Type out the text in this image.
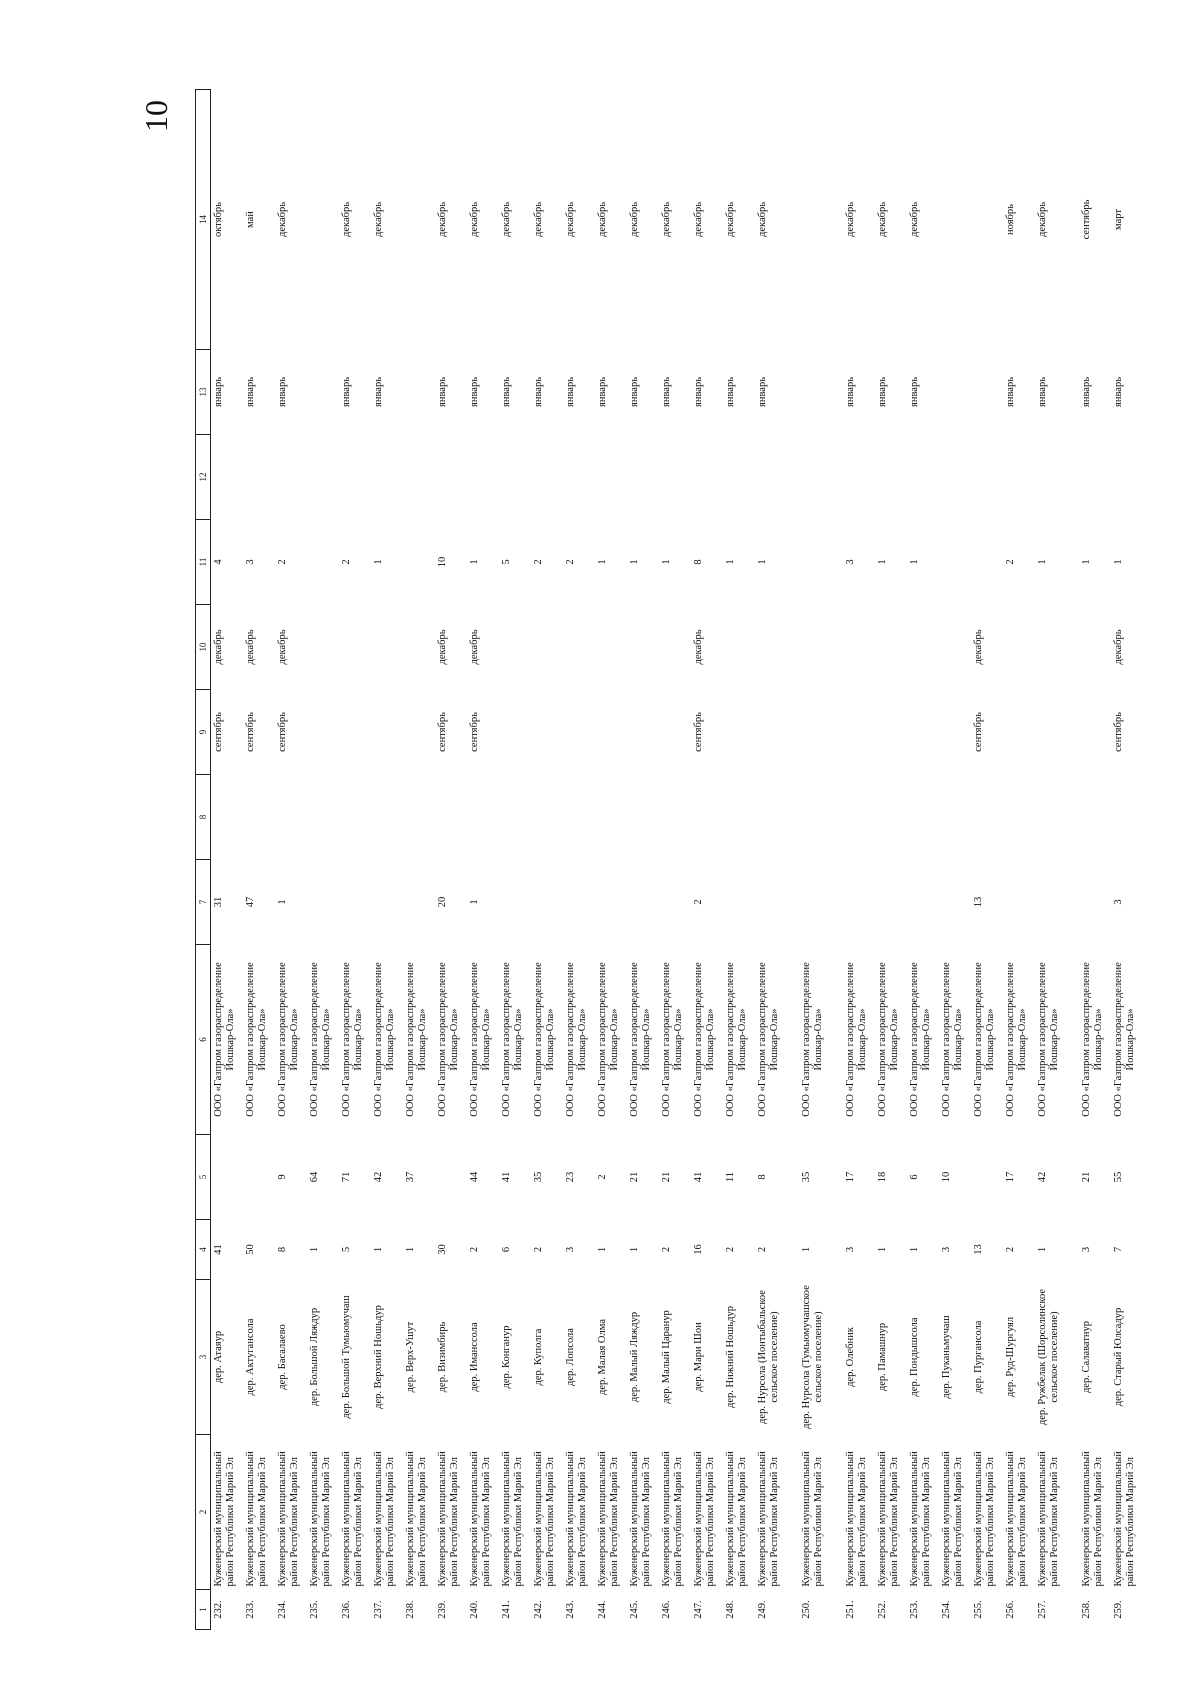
10
1	2	3	4	5	6	7	8	9	10	11	12	13	14
232.	Куженерский муниципальный район Республики Марий Эл	дер. Атаяур	41		ООО «Газпром газораспределение Йошкар-Ола»	31		сентябрь	декабрь	4		январь	октябрь
233.	Куженерский муниципальный район Республики Марий Эл	дер. Актугансола	50		ООО «Газпром газораспределение Йошкар-Ола»	47		сентябрь	декабрь	3		январь	май
234.	Куженерский муниципальный район Республики Марий Эл	дер. Басалаево	8	9	ООО «Газпром газораспределение Йошкар-Ола»	1		сентябрь	декабрь	2		январь	декабрь
235.	Куженерский муниципальный район Республики Марий Эл	дер. Большой Ляждур	1	64	ООО «Газпром газораспределение Йошкар-Ола»								
236.	Куженерский муниципальный район Республики Марий Эл	дер. Большой Тумьюмучаш	5	71	ООО «Газпром газораспределение Йошкар-Ола»					2		январь	декабрь
237.	Куженерский муниципальный район Республики Марий Эл	дер. Верхний Ношьдур	1	42	ООО «Газпром газораспределение Йошкар-Ола»					1		январь	декабрь
238.	Куженерский муниципальный район Республики Марий Эл	дер. Верх-Ушут	1	37	ООО «Газпром газораспределение Йошкар-Ола»								
239.	Куженерский муниципальный район Республики Марий Эл	дер. Визимбирь	30		ООО «Газпром газораспределение Йошкар-Ола»	20		сентябрь	декабрь	10		январь	декабрь
240.	Куженерский муниципальный район Республики Марий Эл	дер. Иманссола	2	44	ООО «Газпром газораспределение Йошкар-Ола»	1		сентябрь	декабрь	1		январь	декабрь
241.	Куженерский муниципальный район Республики Марий Эл	дер. Конганур	6	41	ООО «Газпром газораспределение Йошкар-Ола»					5		январь	декабрь
242.	Куженерский муниципальный район Республики Марий Эл	дер. Куполга	2	35	ООО «Газпром газораспределение Йошкар-Ола»					2		январь	декабрь
243.	Куженерский муниципальный район Республики Марий Эл	дер. Лопсола	3	23	ООО «Газпром газораспределение Йошкар-Ола»					2		январь	декабрь
244.	Куженерский муниципальный район Республики Марий Эл	дер. Малая Олма	1	2	ООО «Газпром газораспределение Йошкар-Ола»					1		январь	декабрь
245.	Куженерский муниципальный район Республики Марий Эл	дер. Малый Ляждур	1	21	ООО «Газпром газораспределение Йошкар-Ола»					1		январь	декабрь
246.	Куженерский муниципальный район Республики Марий Эл	дер. Малый Царанур	2	21	ООО «Газпром газораспределение Йошкар-Ола»					1		январь	декабрь
247.	Куженерский муниципальный район Республики Марий Эл	дер. Мари Шои	16	41	ООО «Газпром газораспределение Йошкар-Ола»	2		сентябрь	декабрь	8		январь	декабрь
248.	Куженерский муниципальный район Республики Марий Эл	дер. Нижний Ношьдур	2	11	ООО «Газпром газораспределение Йошкар-Ола»					1		январь	декабрь
249.	Куженерский муниципальный район Республики Марий Эл	дер. Нурсола (Ионтыбальское сельское поселение)	2	8	ООО «Газпром газораспределение Йошкар-Ола»					1		январь	декабрь
250.	Куженерский муниципальный район Республики Марий Эл	дер. Нурсола (Тумьюмучашское сельское поселение)	1	35	ООО «Газпром газораспределение Йошкар-Ола»								
251.	Куженерский муниципальный район Республики Марий Эл	дер. Олебник	3	17	ООО «Газпром газораспределение Йошкар-Ола»					3		январь	декабрь
252.	Куженерский муниципальный район Республики Марий Эл	дер. Памашнур	1	18	ООО «Газпром газораспределение Йошкар-Ола»					1		январь	декабрь
253.	Куженерский муниципальный район Республики Марий Эл	дер. Пондышсола	1	6	ООО «Газпром газораспределение Йошкар-Ола»					1		январь	декабрь
254.	Куженерский муниципальный район Республики Марий Эл	дер. Пуканьмучаш	3	10	ООО «Газпром газораспределение Йошкар-Ола»								
255.	Куженерский муниципальный район Республики Марий Эл	дер. Пургансола	13		ООО «Газпром газораспределение Йошкар-Ола»	13		сентябрь	декабрь				
256.	Куженерский муниципальный район Республики Марий Эл	дер. Руд-Шургуял	2	17	ООО «Газпром газораспределение Йошкар-Ола»					2		январь	ноябрь
257.	Куженерский муниципальный район Республики Марий Эл	дер. Ружбелак (Шорсолинское сельское поселение)	1	42	ООО «Газпром газораспределение Йошкар-Ола»					1		январь	декабрь
258.	Куженерский муниципальный район Республики Марий Эл	дер. Салаватнур	3	21	ООО «Газпром газораспределение Йошкар-Ола»					1		январь	сентябрь
259.	Куженерский муниципальный район Республики Марий Эл	дер. Старый Юлсадур	7	55	ООО «Газпром газораспределение Йошкар-Ола»	3		сентябрь	декабрь	1		январь	март
